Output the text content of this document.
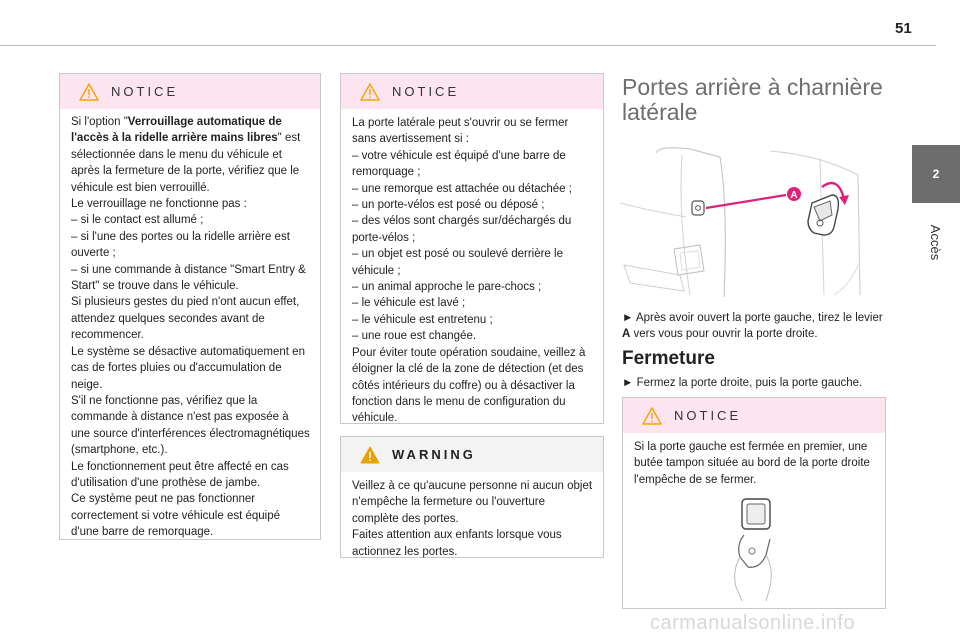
51
2
Accès
NOTICE

Si l'option "Verrouillage automatique de l'accès à la ridelle arrière mains libres" est sélectionnée dans le menu du véhicule et après la fermeture de la porte, vérifiez que le véhicule est bien verrouillé.

Le verrouillage ne fonctionne pas :

– si le contact est allumé ;

– si l'une des portes ou la ridelle arrière est ouverte ;

– si une commande à distance "Smart Entry & Start" se trouve dans le véhicule.

Si plusieurs gestes du pied n'ont aucun effet, attendez quelques secondes avant de recommencer.

Le système se désactive automatiquement en cas de fortes pluies ou d'accumulation de neige.

S'il ne fonctionne pas, vérifiez que la commande à distance n'est pas exposée à une source d'interférences électromagnétiques (smartphone, etc.).

Le fonctionnement peut être affecté en cas d'utilisation d'une prothèse de jambe.

Ce système peut ne pas fonctionner correctement si votre véhicule est équipé d'une barre de remorquage.

NOTICE

La porte latérale peut s'ouvrir ou se fermer sans avertissement si :

– votre véhicule est équipé d'une barre de remorquage ;

– une remorque est attachée ou détachée ;

– un porte-vélos est posé ou déposé ;

– des vélos sont chargés sur/déchargés du porte-vélos ;

– un objet est posé ou soulevé derrière le véhicule ;

– un animal approche le pare-chocs ;

– le véhicule est lavé ;

– le véhicule est entretenu ;

– une roue est changée.

Pour éviter toute opération soudaine, veillez à éloigner la clé de la zone de détection (et des côtés intérieurs du coffre) ou à désactiver la fonction dans le menu de configuration du véhicule.

WARNING

Veillez à ce qu'aucune personne ni aucun objet n'empêche la fermeture ou l'ouverture complète des portes.

Faites attention aux enfants lorsque vous actionnez les portes.

Portes arrière à charnière latérale
A

► Après avoir ouvert la porte gauche, tirez le levier A vers vous pour ouvrir la porte droite.

Fermeture

► Fermez la porte droite, puis la porte gauche.

NOTICE

Si la porte gauche est fermée en premier, une butée tampon située au bord de la porte droite l'empêche de se fermer.

carmanualsonline.info
